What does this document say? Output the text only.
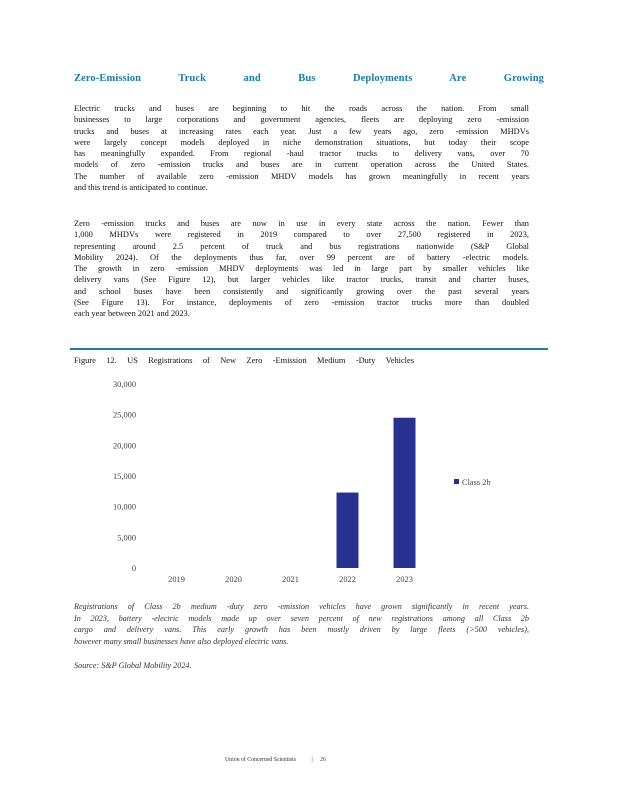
Zero-Emission Truck and Bus Deployments Are Growing
Electric trucks and buses are beginning to hit the roads across the nation. From small
businesses to large corporations and government agencies, fleets are deploying zero -emission
trucks and buses at increasing rates each year. Just a few years ago, zero -emission MHDVs
were largely concept models deployed in niche demonstration situations, but today their scope
has meaningfully expanded. From regional -haul tractor trucks to delivery vans, over 70
models of zero -emission trucks and buses are in current operation across the United States.
The number of available zero -emission MHDV models has grown meaningfully in recent years
and this trend is anticipated to continue.
Zero -emission trucks and buses are now in use in every state across the nation. Fewer than
1,000 MHDVs were registered in 2019 compared to over 27,500 registered in 2023,
representing around 2.5 percent of truck and bus registrations nationwide (S&P Global
Mobility 2024). Of the deployments thus far, over 99 percent are of battery -electric models.
The growth in zero -emission MHDV deployments was led in large part by smaller vehicles like
delivery vans (See Figure 12), but larger vehicles like tractor trucks, transit and charter buses,
and school buses have been consistently and significantly growing over the past several years
(See Figure 13). For instance, deployments of zero -emission tractor trucks more than doubled
each year between 2021 and 2023.
Figure 12. US Registrations of New Zero -Emission Medium -Duty Vehicles
0
5,000
10,000
15,000
20,000
25,000
30,000
2019	2020	2021	2022	2023
Class 2b
Registrations of Class 2b medium -duty zero -emission vehicles have grown significantly in recent years.
In 2023, battery -electric models made up over seven percent of new registrations among all Class 2b
cargo and delivery vans. This early growth has been mostly driven by large fleets (>500 vehicles),
however many small businesses have also deployed electric vans.
Source: S&P Global Mobility 2024.
Union of Concerned Scientists	| 26
